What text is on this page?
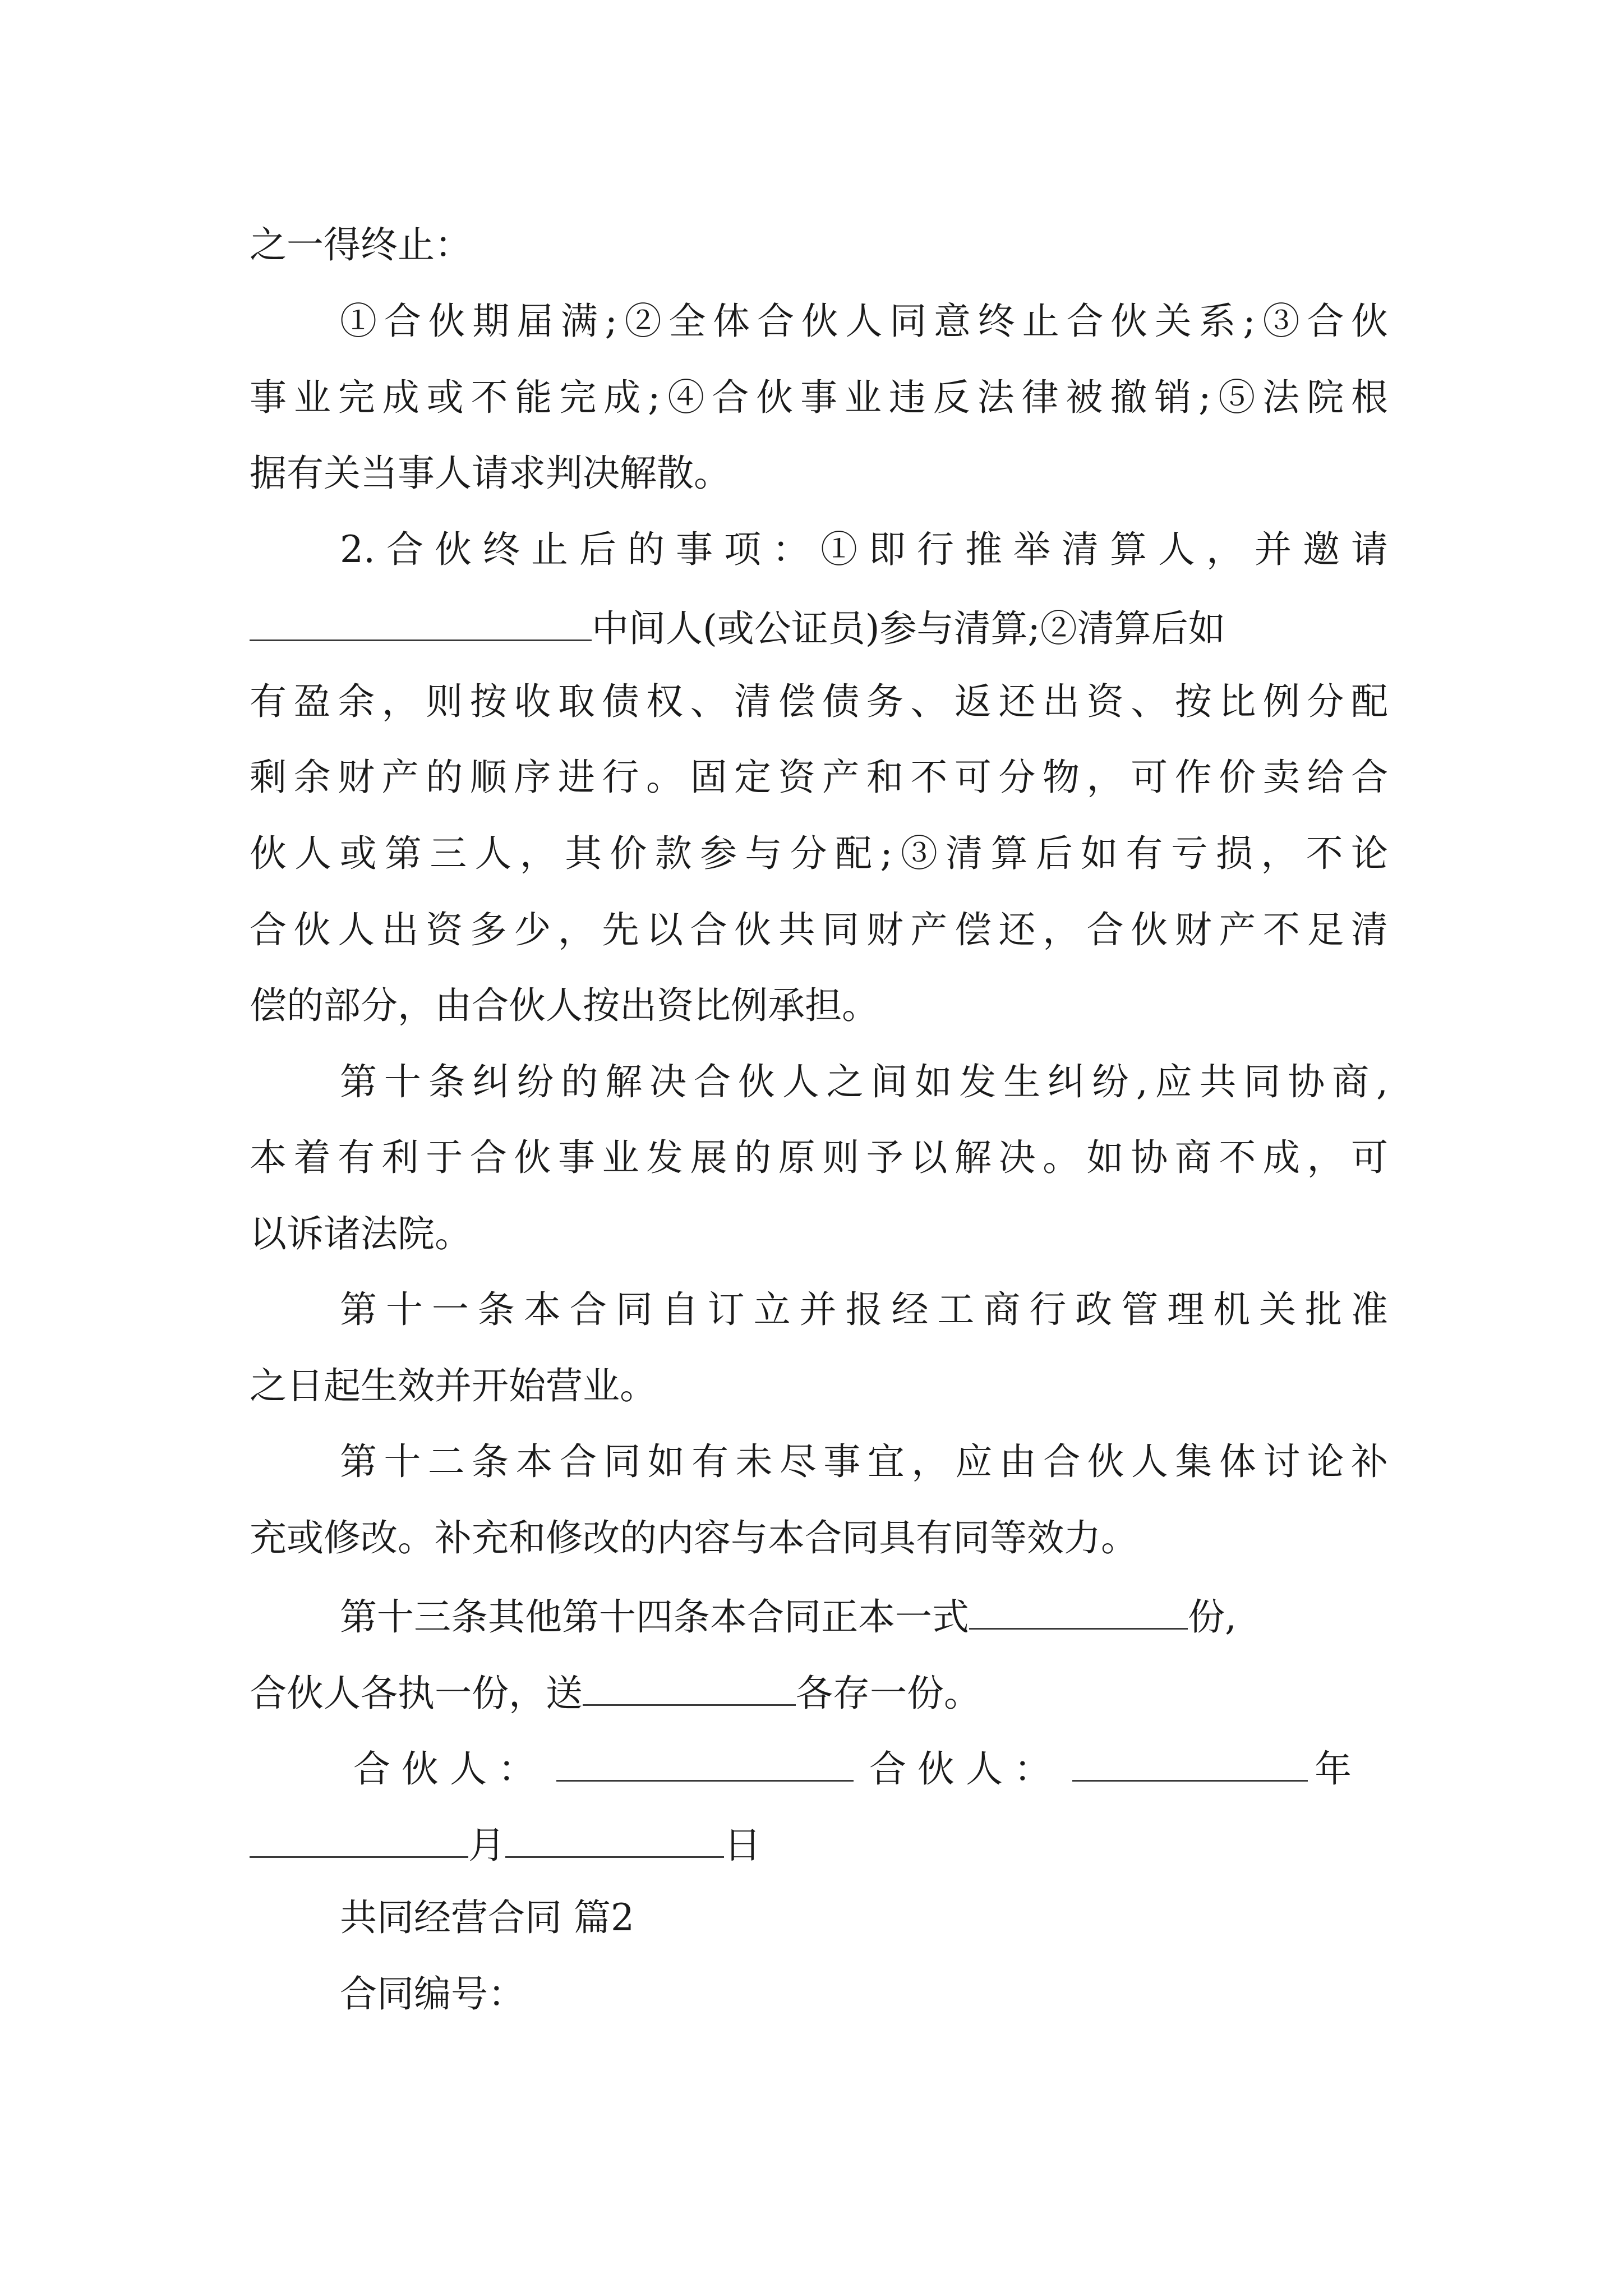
之一得终止：
①合伙期届满;②全体合伙人同意终止合伙关系;③合伙
事业完成或不能完成;④合伙事业违反法律被撤销;⑤法院根
据有关当事人请求判决解散。
2.合伙终止后的事项：①即行推举清算人，并邀请
中间人(或公证员)参与清算;②清算后如
有盈余，则按收取债权、清偿债务、返还出资、按比例分配
剩余财产的顺序进行。固定资产和不可分物，可作价卖给合
伙人或第三人，其价款参与分配;③清算后如有亏损，不论
合伙人出资多少，先以合伙共同财产偿还，合伙财产不足清
偿的部分，由合伙人按出资比例承担。
第十条纠纷的解决合伙人之间如发生纠纷,应共同协商,
本着有利于合伙事业发展的原则予以解决。如协商不成，可
以诉诸法院。
第十一条本合同自订立并报经工商行政管理机关批准
之日起生效并开始营业。
第十二条本合同如有未尽事宜，应由合伙人集体讨论补
充或修改。补充和修改的内容与本合同具有同等效力。
第十三条其他第十四条本合同正本一式	份,
合伙人各执一份，送	各存一份。
合伙人：	合伙人：	年
月	日
共同经营合同 篇2
合同编号：
